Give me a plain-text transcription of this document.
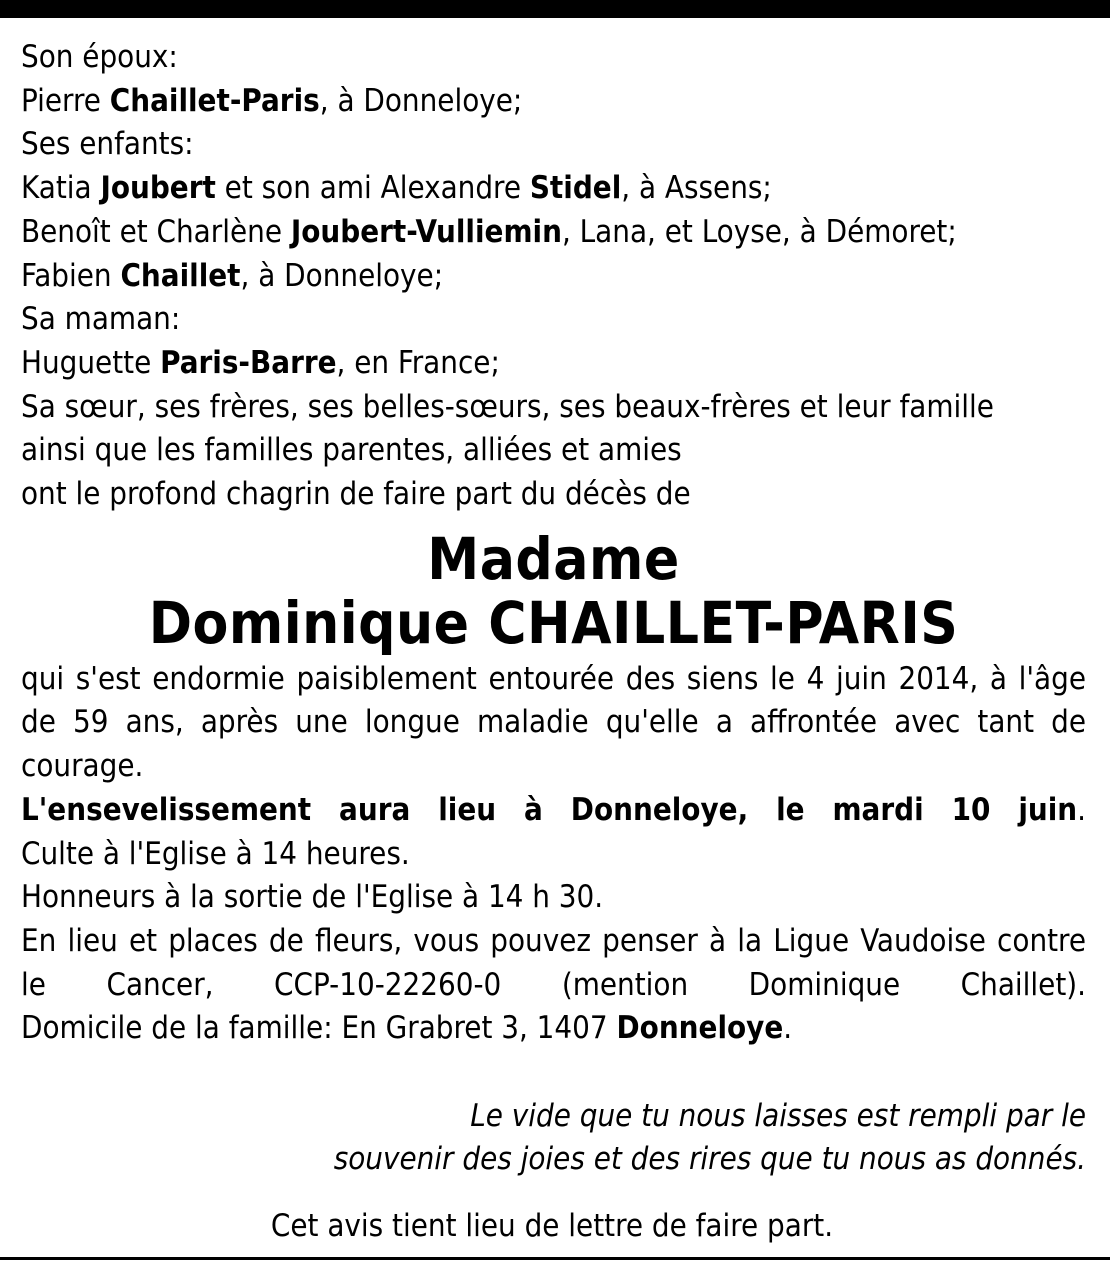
Son époux:
Pierre Chaillet-Paris, à Donneloye;
Ses enfants:
Katia Joubert et son ami Alexandre Stidel, à Assens;
Benoît et Charlène Joubert-Vulliemin, Lana, et Loyse, à Démoret;
Fabien Chaillet, à Donneloye;
Sa maman:
Huguette Paris-Barre, en France;
Sa sœur, ses frères, ses belles-sœurs, ses beaux-frères et leur famille
ainsi que les familles parentes, alliées et amies
ont le profond chagrin de faire part du décès de
Madame
Dominique CHAILLET-PARIS
qui s'est endormie paisiblement entourée des siens le 4 juin 2014, à l'âge de 59 ans, après une longue maladie qu'elle a affrontée avec tant de courage.
L'ensevelissement aura lieu à Donneloye, le mardi 10 juin.
Culte à l'Eglise à 14 heures.
Honneurs à la sortie de l'Eglise à 14 h 30.
En lieu et places de fleurs, vous pouvez penser à la Ligue Vaudoise contre le Cancer, CCP-10-22260-0 (mention Dominique Chaillet).
Domicile de la famille: En Grabret 3, 1407 Donneloye.
Le vide que tu nous laisses est rempli par le
souvenir des joies et des rires que tu nous as donnés.
Cet avis tient lieu de lettre de faire part.
